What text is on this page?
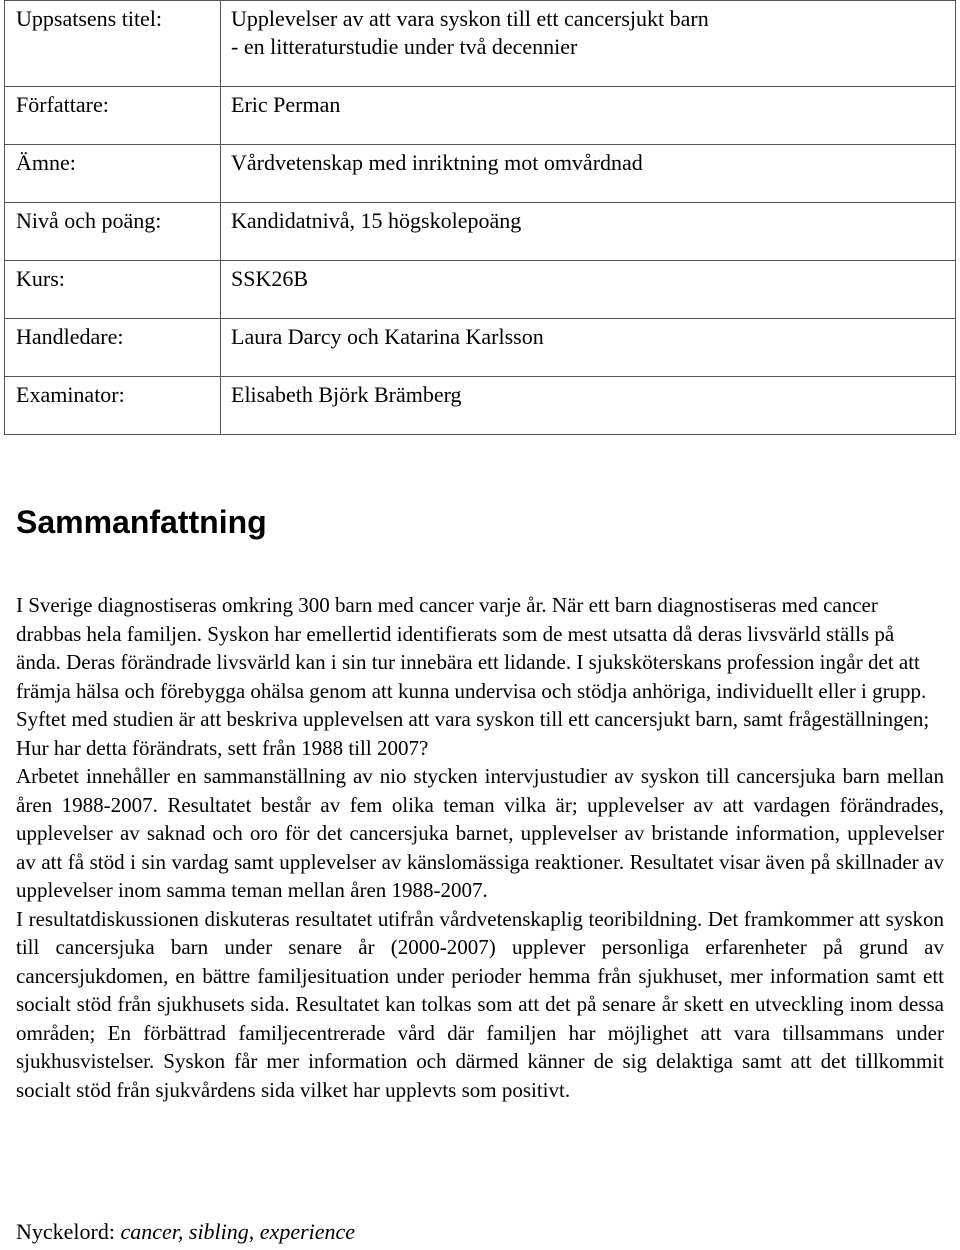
Uppsatsens titel:	Upplevelser av att vara syskon till ett cancersjukt barn
- en litteraturstudie under två decennier

Författare:	Eric Perman
Ämne:	Vårdvetenskap med inriktning mot omvårdnad
Nivå och poäng:	Kandidatnivå, 15 högskolepoäng
Kurs:	SSK26B
Handledare:	Laura Darcy och Katarina Karlsson
Examinator:	Elisabeth Björk Brämberg
Sammanfattning

I Sverige diagnostiseras omkring 300 barn med cancer varje år. När ett barn diagnostiseras med cancer drabbas hela familjen. Syskon har emellertid identifierats som de mest utsatta då deras livsvärld ställs på ända. Deras förändrade livsvärld kan i sin tur innebära ett lidande. I sjuksköterskans profession ingår det att främja hälsa och förebygga ohälsa genom att kunna undervisa och stödja anhöriga, individuellt eller i grupp.

Syftet med studien är att beskriva upplevelsen att vara syskon till ett cancersjukt barn, samt frågeställningen; Hur har detta förändrats, sett från 1988 till 2007?

Arbetet innehåller en sammanställning av nio stycken intervjustudier av syskon till cancersjuka barn mellan åren 1988-2007. Resultatet består av fem olika teman vilka är; upplevelser av att vardagen förändrades, upplevelser av saknad och oro för det cancersjuka barnet, upplevelser av bristande information, upplevelser av att få stöd i sin vardag samt upplevelser av känslomässiga reaktioner. Resultatet visar även på skillnader av upplevelser inom samma teman mellan åren 1988-2007.

I resultatdiskussionen diskuteras resultatet utifrån vårdvetenskaplig teoribildning. Det framkommer att syskon till cancersjuka barn under senare år (2000-2007) upplever personliga erfarenheter på grund av cancersjukdomen, en bättre familjesituation under perioder hemma från sjukhuset, mer information samt ett socialt stöd från sjukhusets sida. Resultatet kan tolkas som att det på senare år skett en utveckling inom dessa områden; En förbättrad familjecentrerade vård där familjen har möjlighet att vara tillsammans under sjukhusvistelser. Syskon får mer information och därmed känner de sig delaktiga samt att det tillkommit socialt stöd från sjukvårdens sida vilket har upplevts som positivt.

Nyckelord: cancer, sibling, experience
